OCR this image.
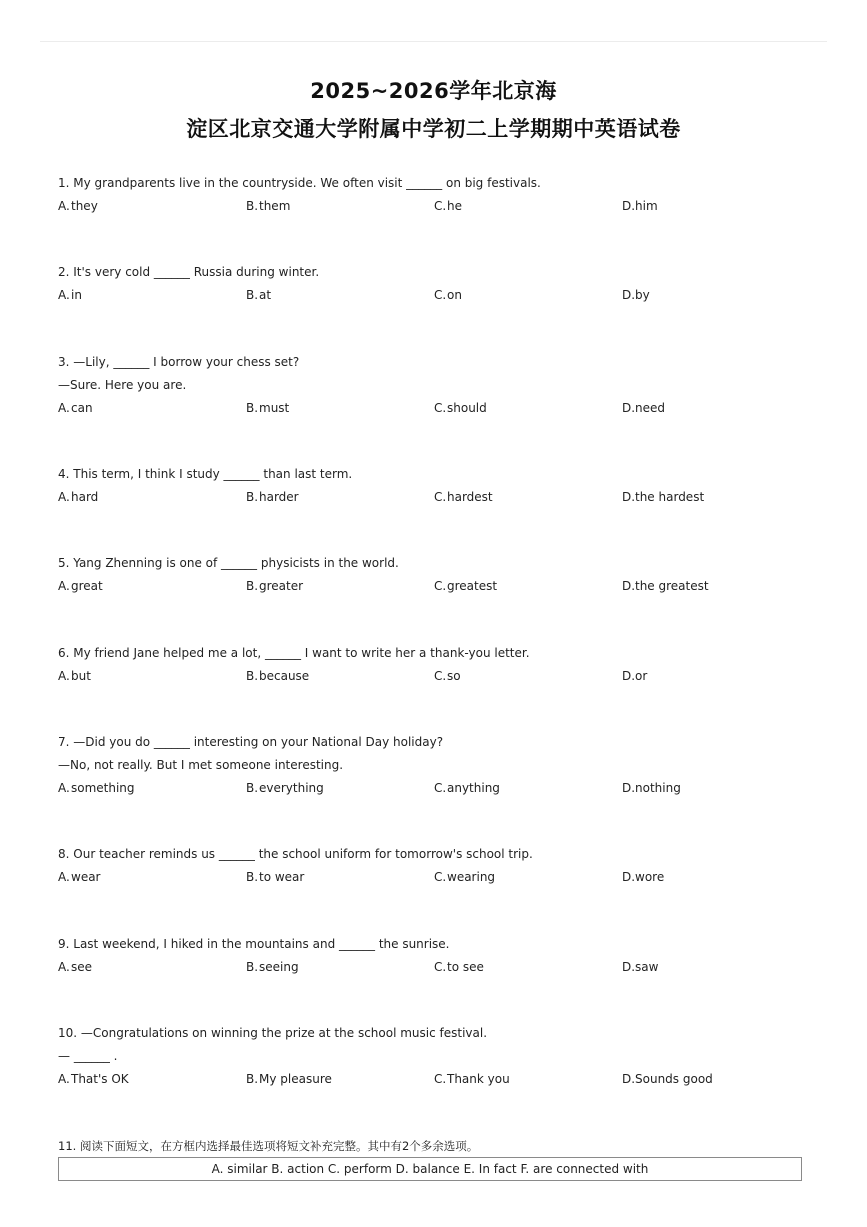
2025~2026学年北京海
淀区北京交通大学附属中学初二上学期期中英语试卷
1. My grandparents live in the countryside. We often visit ______ on big festivals.
A.they	B.them	C.he	D.him
2. It's very cold ______ Russia during winter.
A.in	B.at	C.on	D.by
3. —Lily, ______ I borrow your chess set?
—Sure. Here you are.
A.can	B.must	C.should	D.need
4. This term, I think I study ______ than last term.
A.hard	B.harder	C.hardest	D.the hardest
5. Yang Zhenning is one of ______ physicists in the world.
A.great	B.greater	C.greatest	D.the greatest
6. My friend Jane helped me a lot, ______ I want to write her a thank-you letter.
A.but	B.because	C.so	D.or
7. —Did you do ______ interesting on your National Day holiday?
—No, not really. But I met someone interesting.
A.something	B.everything	C.anything	D.nothing
8. Our teacher reminds us ______ the school uniform for tomorrow's school trip.
A.wear	B.to wear	C.wearing	D.wore
9. Last weekend, I hiked in the mountains and ______ the sunrise.
A.see	B.seeing	C.to see	D.saw
10. —Congratulations on winning the prize at the school music festival.
— ______ .
A.That's OK	B.My pleasure	C.Thank you	D.Sounds good
11. 阅读下面短文，在方框内选择最佳选项将短文补充完整。其中有2个多余选项。
A. similar B. action C. perform D. balance E. In fact F. are connected with
